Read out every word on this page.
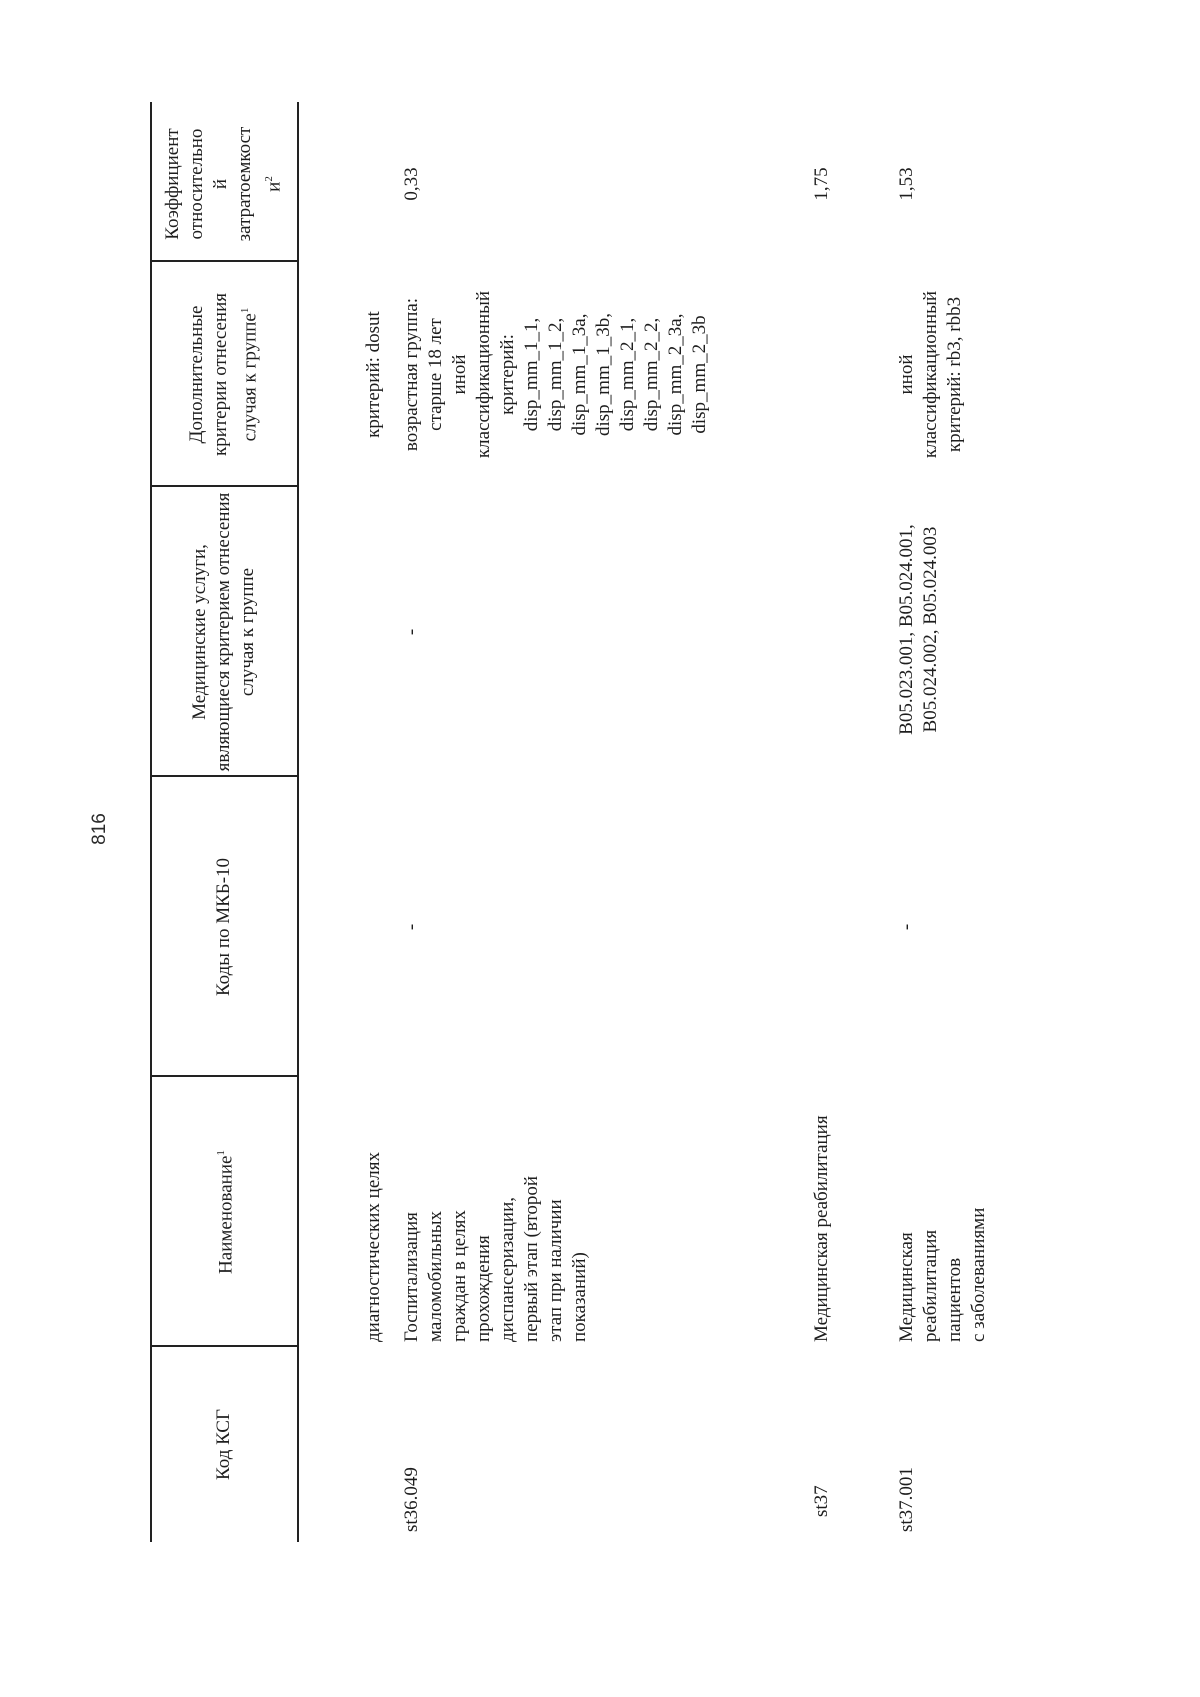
816
Код КСГ
Наименование$^1$
Коды по МКБ-10
Медицинские услуги, являющиеся критерием отнесения случая к группе
Дополнительные критерии отнесения случая к группе$^1$
Коэффициент относительно й затратоемкост $и^2$
диагностических целях
критерий: dosut
st36.049
Госпитализация маломобильных граждан в целях прохождения диспансеризации, первый этап (второй этап при наличии показаний)
-
-
возрастная группа: старше 18 лет иной классификационный критерий: disp_mm_1_1, disp_mm_1_2, disp_mm_1_3a, disp_mm_1_3b, disp_mm_2_1, disp_mm_2_2, disp_mm_2_3a, disp_mm_2_3b
0,33
st37
Медицинская реабилитация
1,75
st37.001
Медицинская реабилитация пациентов с заболеваниями
-
B05.023.001, B05.024.001, B05.024.002, B05.024.003
иной классификационный критерий: rb3, rbb3
1,53
